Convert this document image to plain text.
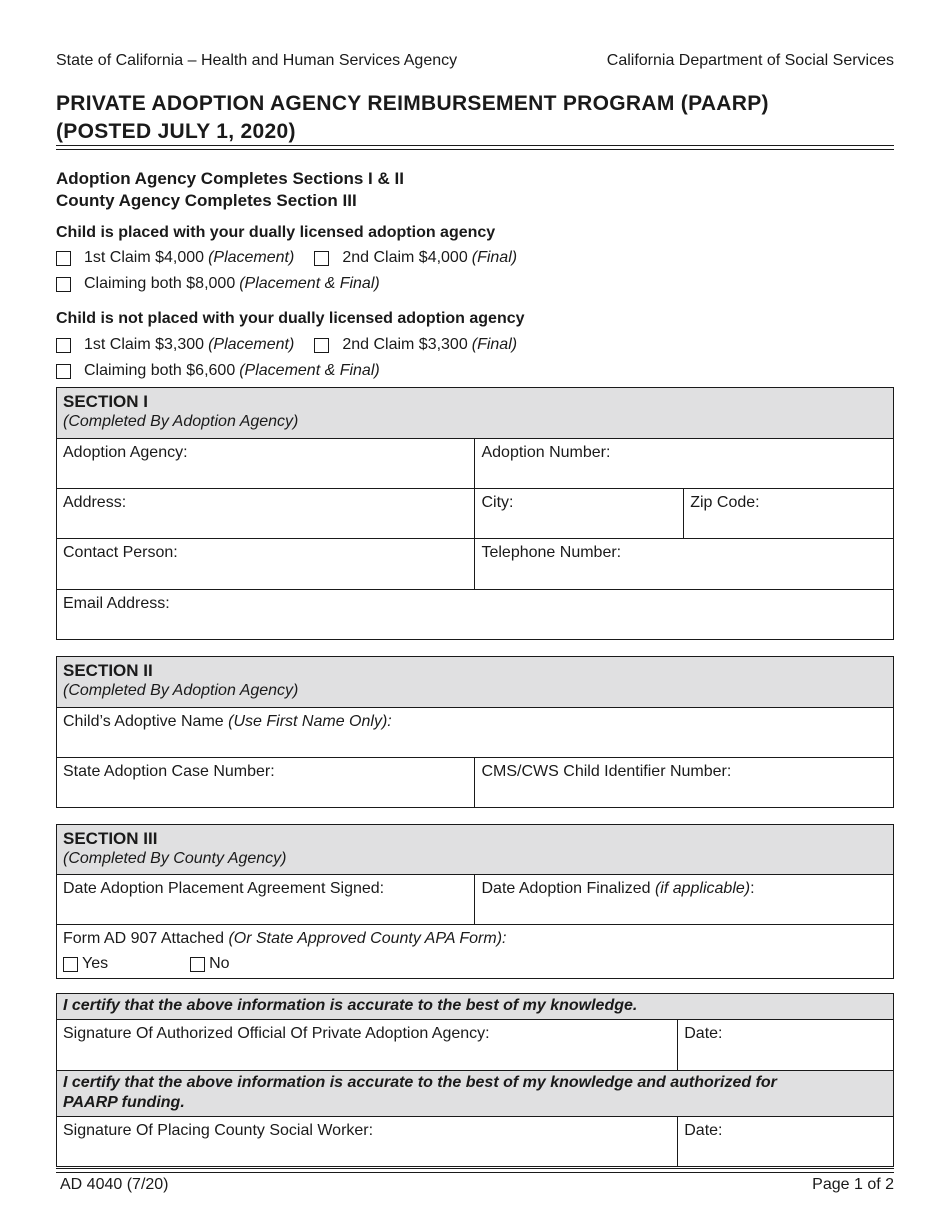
State of California – Health and Human Services Agency	California Department of Social Services
PRIVATE ADOPTION AGENCY REIMBURSEMENT PROGRAM (PAARP)
(POSTED JULY 1, 2020)
Adoption Agency Completes Sections I & II
County Agency Completes Section III
Child is placed with your dually licensed adoption agency
1st Claim $4,000 (Placement)	2nd Claim $4,000 (Final)
Claiming both $8,000 (Placement & Final)
Child is not placed with your dually licensed adoption agency
1st Claim $3,300 (Placement)	2nd Claim $3,300 (Final)
Claiming both $6,600 (Placement & Final)
SECTION I
(Completed By Adoption Agency)		
Adoption Agency:	Adoption Number:	
Address:	City:	Zip Code:
Contact Person:	Telephone Number:	
Email Address:		
SECTION II
(Completed By Adoption Agency)
Child’s Adoptive Name (Use First Name Only):
State Adoption Case Number:	CMS/CWS Child Identifier Number:
SECTION III
(Completed By County Agency)
Date Adoption Placement Agreement Signed:	Date Adoption Finalized (if applicable):
Form AD 907 Attached (Or State Approved County APA Form):
Yes	No
I certify that the above information is accurate to the best of my knowledge.	
Signature Of Authorized Official Of Private Adoption Agency:	Date:
I certify that the above information is accurate to the best of my knowledge and authorized for PAARP funding.	
Signature Of Placing County Social Worker:	Date:
AD 4040 (7/20)	Page 1 of 2
